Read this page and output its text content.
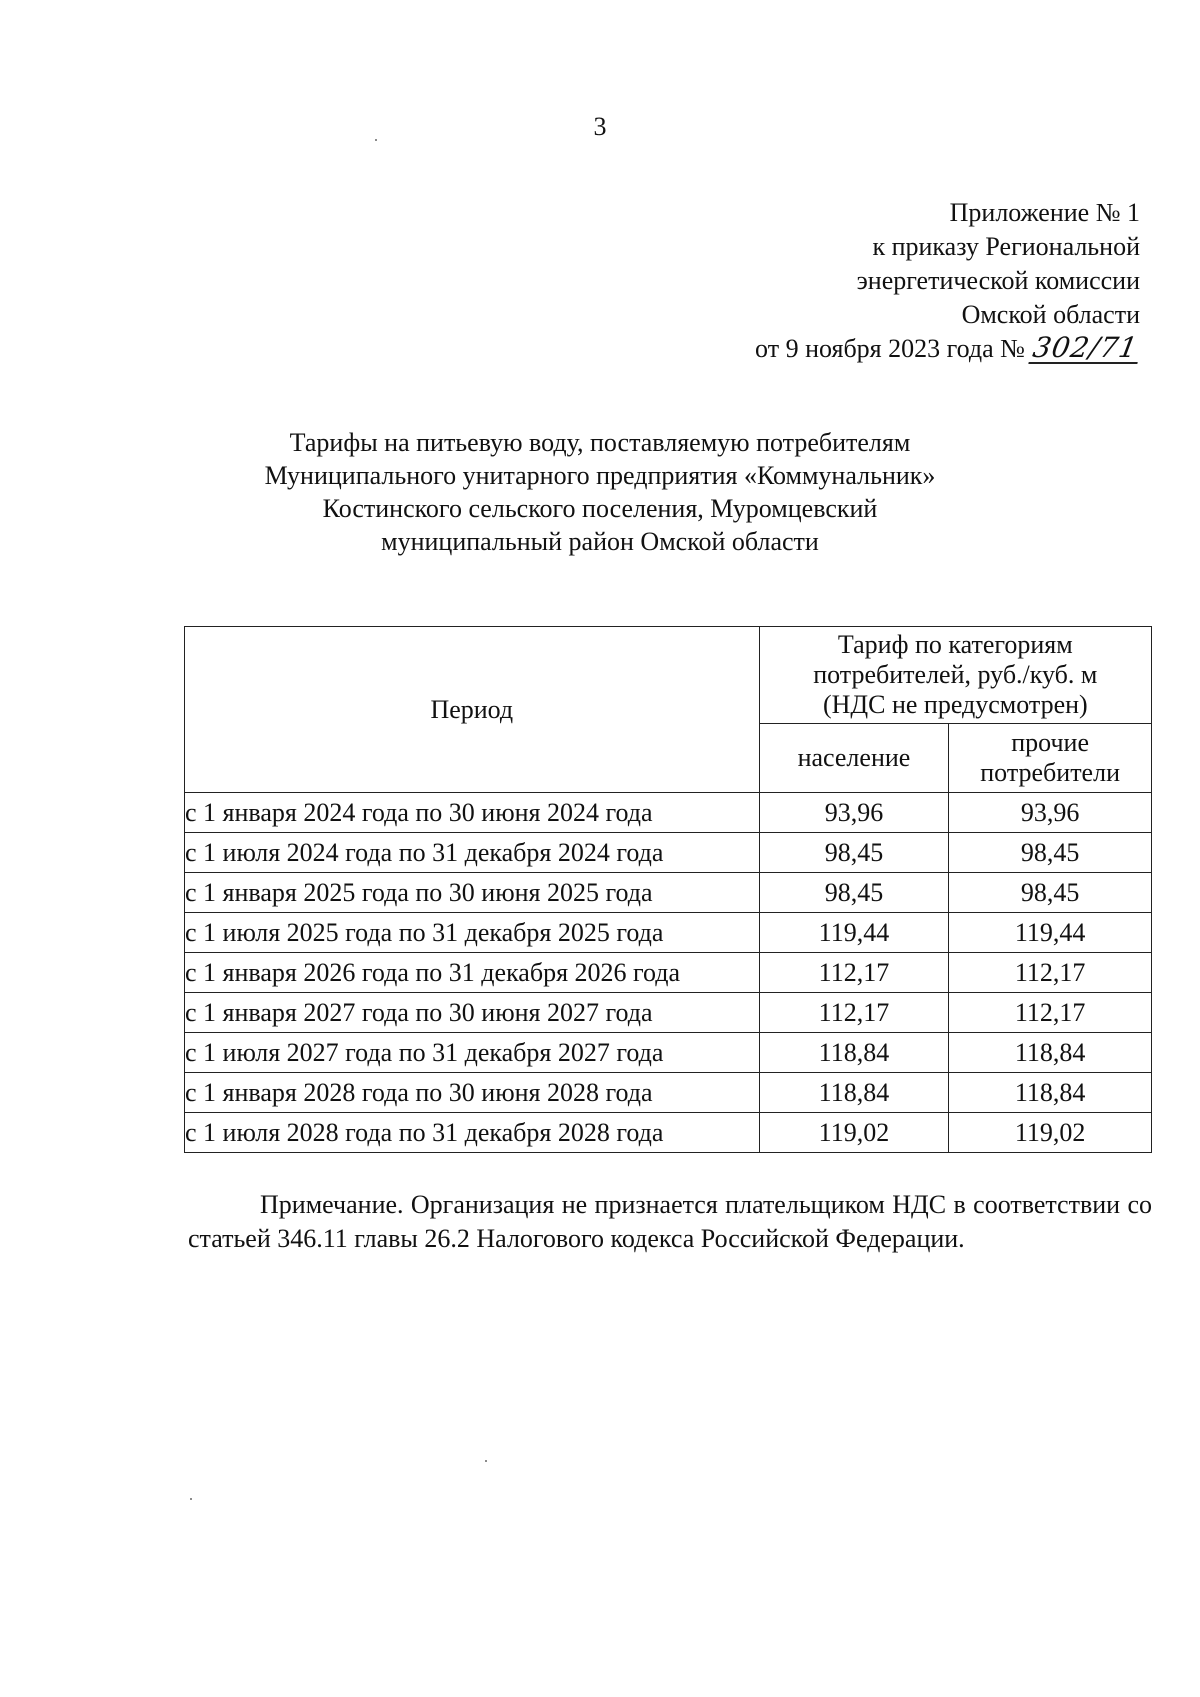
3
Приложение № 1
к приказу Региональной
энергетической комиссии
Омской области
от 9 ноября 2023 года № 302/71
Тарифы на питьевую воду, поставляемую потребителям
Муниципального унитарного предприятия «Коммунальник»
Костинского сельского поселения, Муромцевский
муниципальный район Омской области
Период	Тариф по категориям
потребителей, руб./куб. м
(НДС не предусмотрен)	

	население	прочие
потребители

с 1 января 2024 года по 30 июня 2024 года	93,96	93,96
с 1 июля 2024 года по 31 декабря 2024 года	98,45	98,45
с 1 января 2025 года по 30 июня 2025 года	98,45	98,45
с 1 июля 2025 года по 31 декабря 2025 года	119,44	119,44
с 1 января 2026 года по 31 декабря 2026 года	112,17	112,17
с 1 января 2027 года по 30 июня 2027 года	112,17	112,17
с 1 июля 2027 года по 31 декабря 2027 года	118,84	118,84
с 1 января 2028 года по 30 июня 2028 года	118,84	118,84
с 1 июля 2028 года по 31 декабря 2028 года	119,02	119,02
Примечание. Организация не признается плательщиком НДС в соответствии со статьей 346.11 главы 26.2 Налогового кодекса Российской Федерации.
